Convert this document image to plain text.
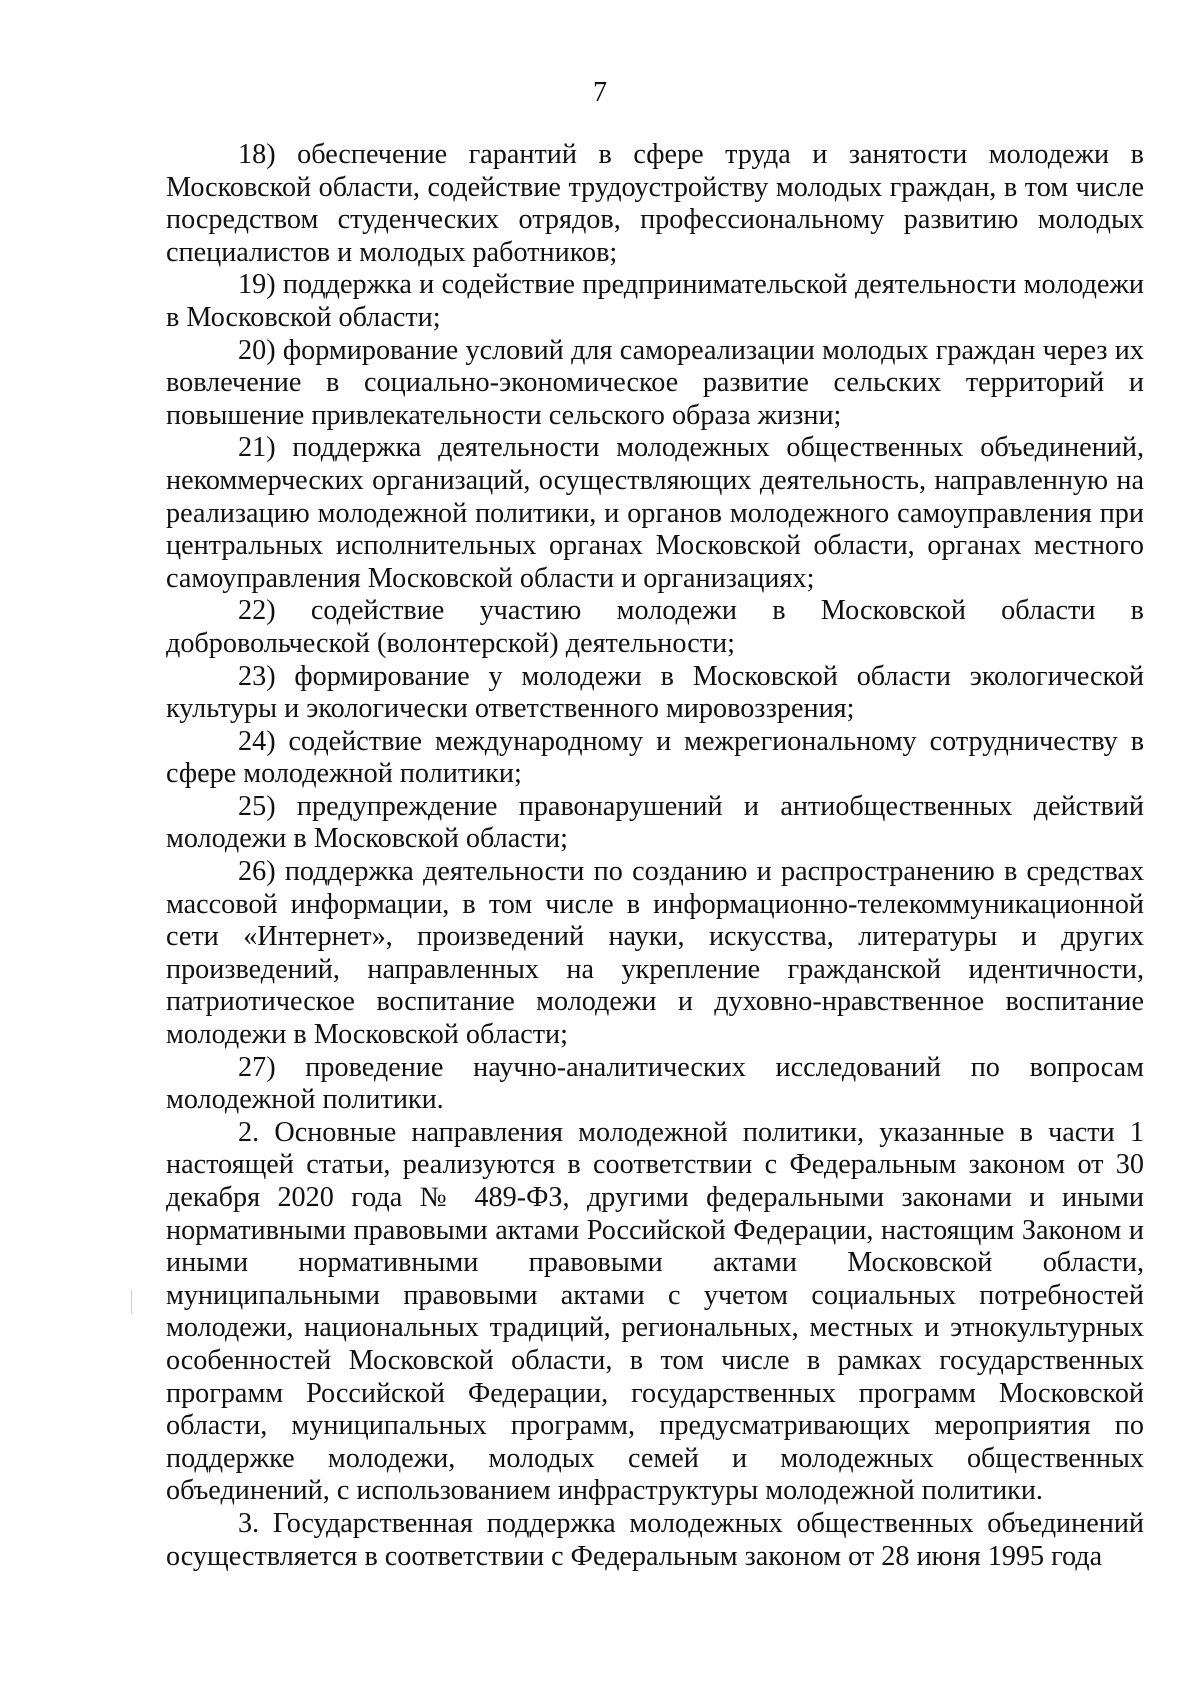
7

18) обеспечение гарантий в сфере труда и занятости молодежи в Московской области, содействие трудоустройству молодых граждан, в том числе посредством студенческих отрядов, профессиональному развитию молодых специалистов и молодых работников;

19) поддержка и содействие предпринимательской деятельности молодежи в Московской области;

20) формирование условий для самореализации молодых граждан через их вовлечение в социально-экономическое развитие сельских территорий и повышение привлекательности сельского образа жизни;

21) поддержка деятельности молодежных общественных объединений, некоммерческих организаций, осуществляющих деятельность, направленную на реализацию молодежной политики, и органов молодежного самоуправления при центральных исполнительных органах Московской области, органах местного самоуправления Московской области и организациях;

22) содействие участию молодежи в Московской области в добровольческой (волонтерской) деятельности;

23) формирование у молодежи в Московской области экологической культуры и экологически ответственного мировоззрения;

24) содействие международному и межрегиональному сотрудничеству в сфере молодежной политики;

25) предупреждение правонарушений и антиобщественных действий молодежи в Московской области;

26) поддержка деятельности по созданию и распространению в средствах массовой информации, в том числе в информационно-телекоммуникационной сети «Интернет», произведений науки, искусства, литературы и других произведений, направленных на укрепление гражданской идентичности, патриотическое воспитание молодежи и духовно-нравственное воспитание молодежи в Московской области;

27) проведение научно-аналитических исследований по вопросам молодежной политики.

2. Основные направления молодежной политики, указанные в части 1 настоящей статьи, реализуются в соответствии с Федеральным законом от 30 декабря 2020 года № 489-ФЗ, другими федеральными законами и иными нормативными правовыми актами Российской Федерации, настоящим Законом и иными нормативными правовыми актами Московской области, муниципальными правовыми актами с учетом социальных потребностей молодежи, национальных традиций, региональных, местных и этнокультурных особенностей Московской области, в том числе в рамках государственных программ Российской Федерации, государственных программ Московской области, муниципальных программ, предусматривающих мероприятия по поддержке молодежи, молодых семей и молодежных общественных объединений, с использованием инфраструктуры молодежной политики.

3. Государственная поддержка молодежных общественных объединений осуществляется в соответствии с Федеральным законом от 28 июня 1995 года
